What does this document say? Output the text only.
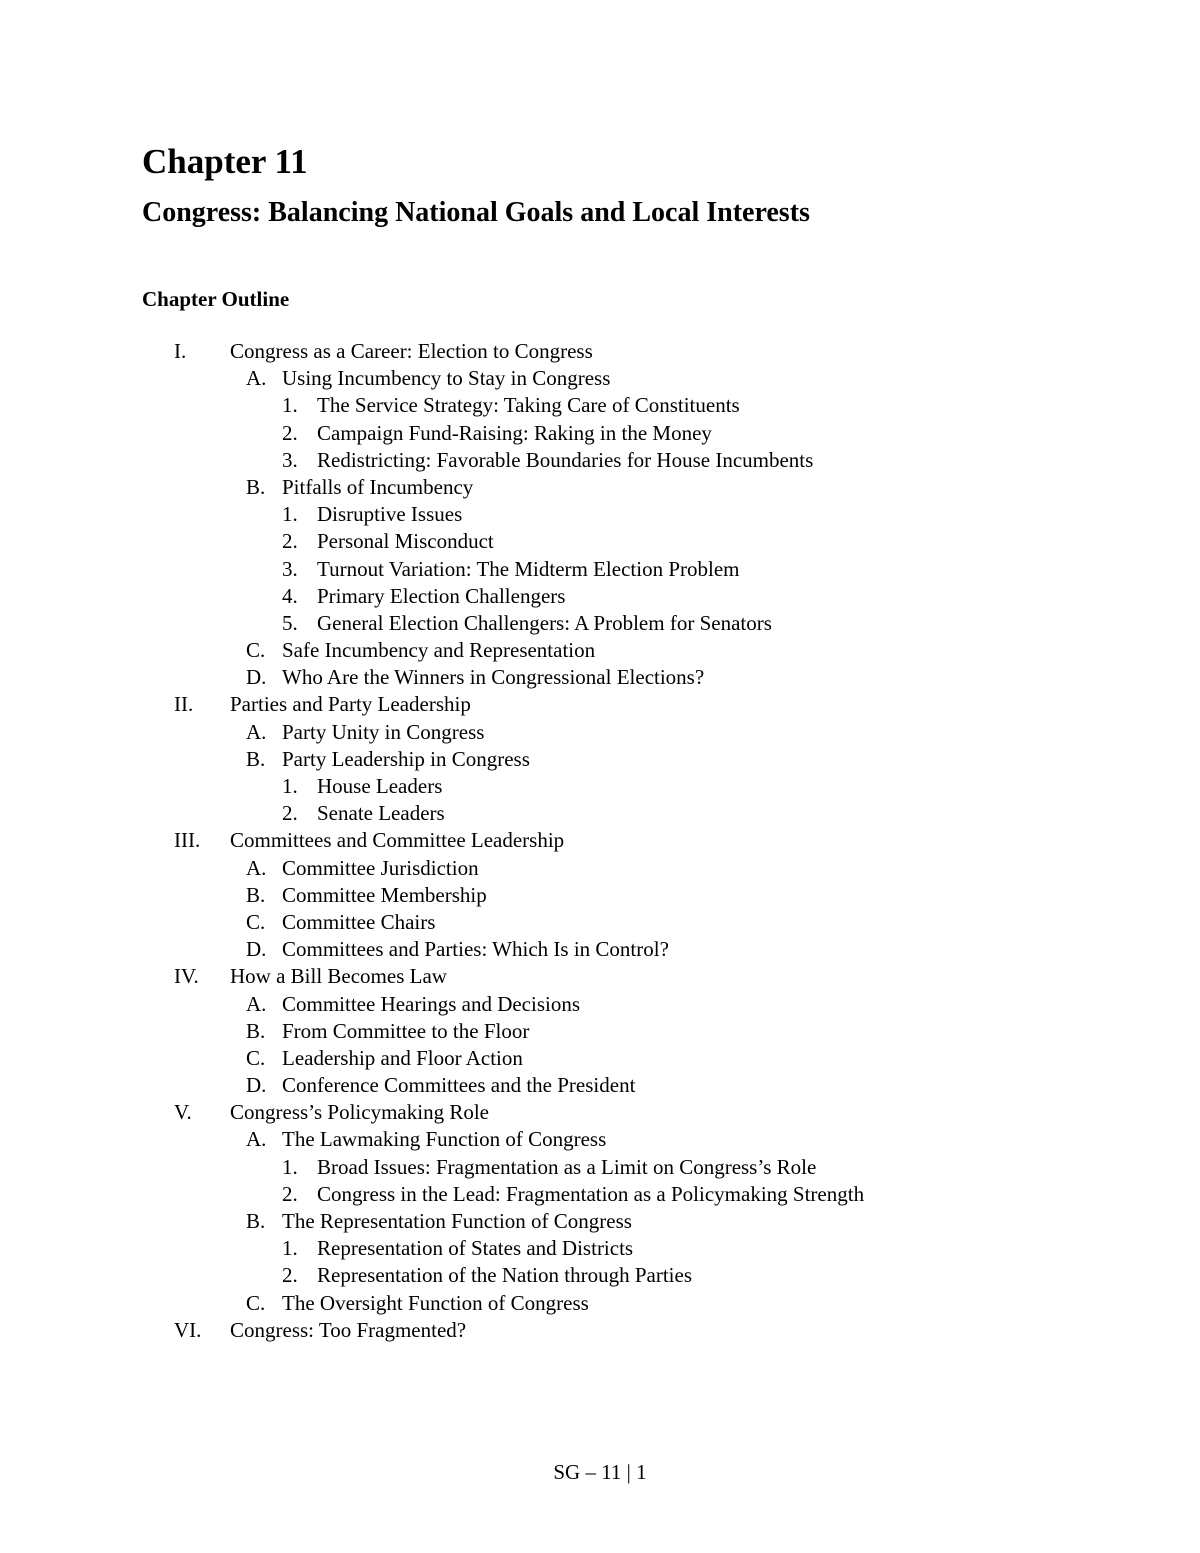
Chapter 11
Congress: Balancing National Goals and Local Interests
Chapter Outline
I. Congress as a Career: Election to Congress
A. Using Incumbency to Stay in Congress
1. The Service Strategy: Taking Care of Constituents
2. Campaign Fund-Raising: Raking in the Money
3. Redistricting: Favorable Boundaries for House Incumbents
B. Pitfalls of Incumbency
1. Disruptive Issues
2. Personal Misconduct
3. Turnout Variation: The Midterm Election Problem
4. Primary Election Challengers
5. General Election Challengers: A Problem for Senators
C. Safe Incumbency and Representation
D. Who Are the Winners in Congressional Elections?
II. Parties and Party Leadership
A. Party Unity in Congress
B. Party Leadership in Congress
1. House Leaders
2. Senate Leaders
III. Committees and Committee Leadership
A. Committee Jurisdiction
B. Committee Membership
C. Committee Chairs
D. Committees and Parties: Which Is in Control?
IV. How a Bill Becomes Law
A. Committee Hearings and Decisions
B. From Committee to the Floor
C. Leadership and Floor Action
D. Conference Committees and the President
V. Congress’s Policymaking Role
A. The Lawmaking Function of Congress
1. Broad Issues: Fragmentation as a Limit on Congress’s Role
2. Congress in the Lead: Fragmentation as a Policymaking Strength
B. The Representation Function of Congress
1. Representation of States and Districts
2. Representation of the Nation through Parties
C. The Oversight Function of Congress
VI. Congress: Too Fragmented?
SG – 11 | 1
